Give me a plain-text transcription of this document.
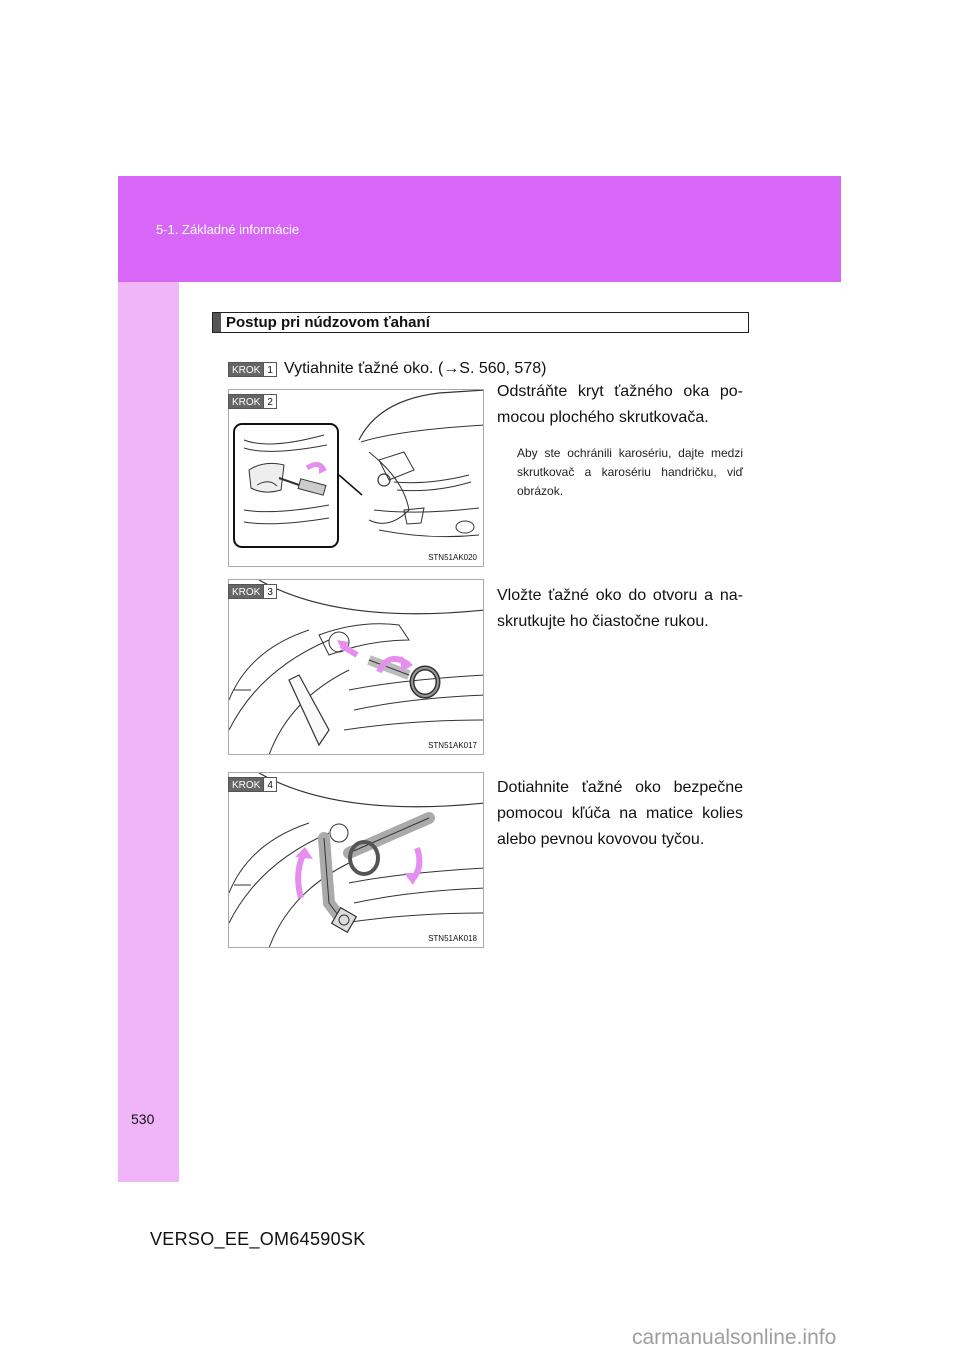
5-1. Základné informácie
Postup pri núdzovom ťahaní
KROK 1 Vytiahnite ťažné oko. (→S. 560, 578)
STN51AK020
KROK 2

Odstráňte kryt ťažného oka po-mocou plochého skrutkovača.

Aby ste ochránili karosériu, dajte medzi skrutkovač a karosériu handričku, viď obrázok.

STN51AK017
KROK 3	Vložte ťažné oko do otvoru a na-skrutkujte ho čiastočne rukou.

STN51AK018
KROK 4	Dotiahnite ťažné oko bezpečne pomocou kľúča na matice kolies alebo pevnou kovovou tyčou.

530
VERSO_EE_OM64590SK
carmanualsonline.info
